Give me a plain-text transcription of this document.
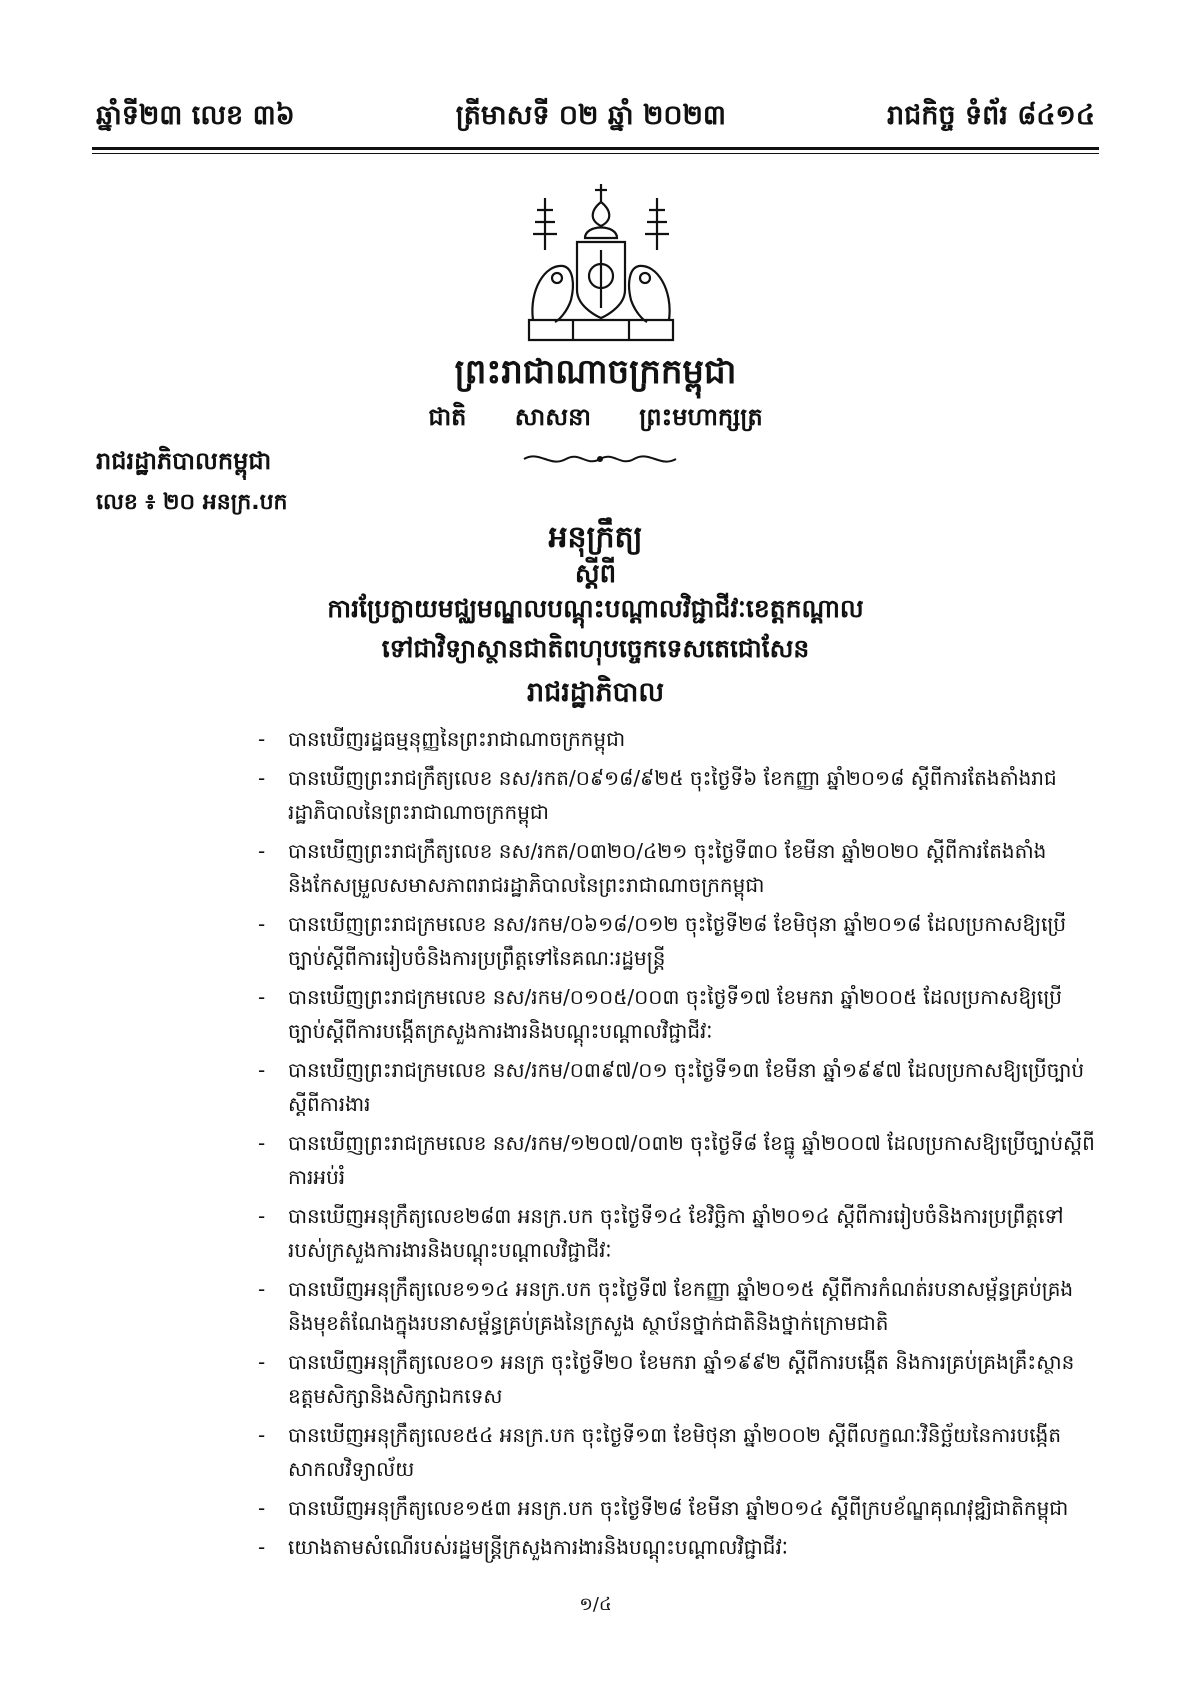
ឆ្នាំទី២៣ លេខ ៣៦	ត្រីមាសទី ០២ ឆ្នាំ ២០២៣	រាជកិច្ច ទំព័រ ៨៤១៤
ព្រះរាជាណាចក្រកម្ពុជា
ជាតិ សាសនា ព្រះមហាក្សត្រ
រាជរដ្ឋាភិបាលកម្ពុជា
លេខ ៖ ២០ អនក្រ.បក
អនុក្រឹត្យ
ស្តីពី
ការប្រែក្លាយមជ្ឈមណ្ឌលបណ្តុះបណ្តាលវិជ្ជាជីវៈខេត្តកណ្តាល
ទៅជាវិទ្យាស្ថានជាតិពហុបច្ចេកទេសតេជោសែន
រាជរដ្ឋាភិបាល
- បានឃើញរដ្ឋធម្មនុញ្ញនៃព្រះរាជាណាចក្រកម្ពុជា
- បានឃើញព្រះរាជក្រឹត្យលេខ នស/រកត/០៩១៨/៩២៥ ចុះថ្ងៃទី៦ ខែកញ្ញា ឆ្នាំ២០១៨ ស្តីពីការតែងតាំងរាជរដ្ឋាភិបាលនៃព្រះរាជាណាចក្រកម្ពុជា
- បានឃើញព្រះរាជក្រឹត្យលេខ នស/រកត/០៣២០/៤២១ ចុះថ្ងៃទី៣០ ខែមីនា ឆ្នាំ២០២០ ស្តីពីការតែងតាំងនិងកែសម្រួលសមាសភាពរាជរដ្ឋាភិបាលនៃព្រះរាជាណាចក្រកម្ពុជា
- បានឃើញព្រះរាជក្រមលេខ នស/រកម/០៦១៨/០១២ ចុះថ្ងៃទី២៨ ខែមិថុនា ឆ្នាំ២០១៨ ដែលប្រកាសឱ្យប្រើច្បាប់ស្តីពីការរៀបចំនិងការប្រព្រឹត្តទៅនៃគណៈរដ្ឋមន្ត្រី
- បានឃើញព្រះរាជក្រមលេខ នស/រកម/០១០៥/០០៣ ចុះថ្ងៃទី១៧ ខែមករា ឆ្នាំ២០០៥ ដែលប្រកាសឱ្យប្រើច្បាប់ស្តីពីការបង្កើតក្រសួងការងារនិងបណ្តុះបណ្តាលវិជ្ជាជីវៈ
- បានឃើញព្រះរាជក្រមលេខ នស/រកម/០៣៩៧/០១ ចុះថ្ងៃទី១៣ ខែមីនា ឆ្នាំ១៩៩៧ ដែលប្រកាសឱ្យប្រើច្បាប់ស្តីពីការងារ
- បានឃើញព្រះរាជក្រមលេខ នស/រកម/១២០៧/០៣២ ចុះថ្ងៃទី៨ ខែធ្នូ ឆ្នាំ២០០៧ ដែលប្រកាសឱ្យប្រើច្បាប់ស្តីពីការអប់រំ
- បានឃើញអនុក្រឹត្យលេខ២៨៣ អនក្រ.បក ចុះថ្ងៃទី១៤ ខែវិច្ឆិកា ឆ្នាំ២០១៤ ស្តីពីការរៀបចំនិងការប្រព្រឹត្តទៅរបស់ក្រសួងការងារនិងបណ្តុះបណ្តាលវិជ្ជាជីវៈ
- បានឃើញអនុក្រឹត្យលេខ១១៤ អនក្រ.បក ចុះថ្ងៃទី៧ ខែកញ្ញា ឆ្នាំ២០១៥ ស្តីពីការកំណត់របនាសម្ព័ន្ធគ្រប់គ្រង និងមុខតំណែងក្នុងរបនាសម្ព័ន្ធគ្រប់គ្រងនៃក្រសួង ស្ថាប័នថ្នាក់ជាតិនិងថ្នាក់ក្រោមជាតិ
- បានឃើញអនុក្រឹត្យលេខ០១ អនក្រ ចុះថ្ងៃទី២០ ខែមករា ឆ្នាំ១៩៩២ ស្តីពីការបង្កើត និងការគ្រប់គ្រងគ្រឹះស្ថានឧត្តមសិក្សានិងសិក្សាឯកទេស
- បានឃើញអនុក្រឹត្យលេខ៥៤ អនក្រ.បក ចុះថ្ងៃទី១៣ ខែមិថុនា ឆ្នាំ២០០២ ស្តីពីលក្ខណៈវិនិច្ឆ័យនៃការបង្កើតសាកលវិទ្យាល័យ
- បានឃើញអនុក្រឹត្យលេខ១៥៣ អនក្រ.បក ចុះថ្ងៃទី២៨ ខែមីនា ឆ្នាំ២០១៤ ស្តីពីក្របខ័ណ្ឌគុណវុឌ្ឍិជាតិកម្ពុជា
- យោងតាមសំណើរបស់រដ្ឋមន្ត្រីក្រសួងការងារនិងបណ្តុះបណ្តាលវិជ្ជាជីវៈ
១/៤
